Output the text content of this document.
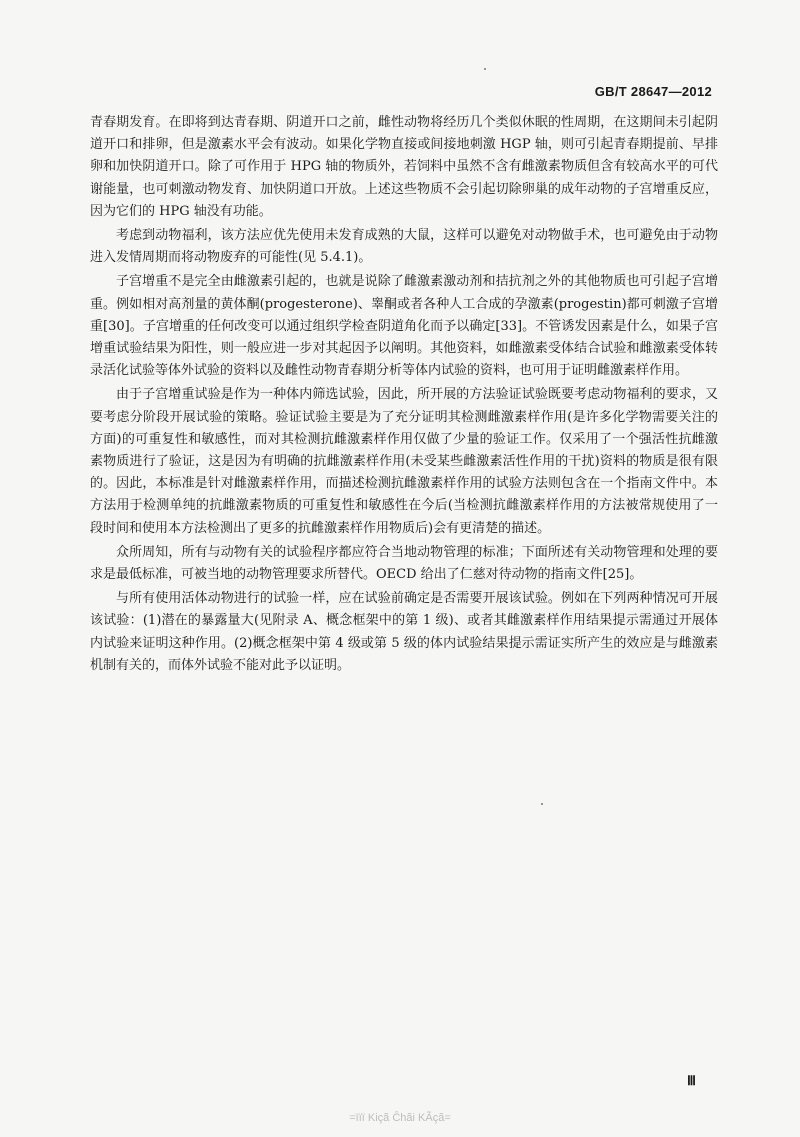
GB/T 28647—2012

青春期发育。在即将到达青春期、阴道开口之前，雌性动物将经历几个类似休眠的性周期，在这期间未引起阴道开口和排卵，但是激素水平会有波动。如果化学物直接或间接地刺激 HGP 轴，则可引起青春期提前、早排卵和加快阴道开口。除了可作用于 HPG 轴的物质外，若饲料中虽然不含有雌激素物质但含有较高水平的可代谢能量，也可刺激动物发育、加快阴道口开放。上述这些物质不会引起切除卵巢的成年动物的子宫增重反应，因为它们的 HPG 轴没有功能。

考虑到动物福利，该方法应优先使用未发育成熟的大鼠，这样可以避免对动物做手术，也可避免由于动物进入发情周期而将动物废弃的可能性(见 5.4.1)。

子宫增重不是完全由雌激素引起的，也就是说除了雌激素激动剂和拮抗剂之外的其他物质也可引起子宫增重。例如相对高剂量的黄体酮(progesterone)、睾酮或者各种人工合成的孕激素(progestin)都可刺激子宫增重[30]。子宫增重的任何改变可以通过组织学检查阴道角化而予以确定[33]。不管诱发因素是什么，如果子宫增重试验结果为阳性，则一般应进一步对其起因予以阐明。其他资料，如雌激素受体结合试验和雌激素受体转录活化试验等体外试验的资料以及雌性动物青春期分析等体内试验的资料，也可用于证明雌激素样作用。

由于子宫增重试验是作为一种体内筛选试验，因此，所开展的方法验证试验既要考虑动物福利的要求，又要考虑分阶段开展试验的策略。验证试验主要是为了充分证明其检测雌激素样作用(是许多化学物需要关注的方面)的可重复性和敏感性，而对其检测抗雌激素样作用仅做了少量的验证工作。仅采用了一个强活性抗雌激素物质进行了验证，这是因为有明确的抗雌激素样作用(未受某些雌激素活性作用的干扰)资料的物质是很有限的。因此，本标准是针对雌激素样作用，而描述检测抗雌激素样作用的试验方法则包含在一个指南文件中。本方法用于检测单纯的抗雌激素物质的可重复性和敏感性在今后(当检测抗雌激素样作用的方法被常规使用了一段时间和使用本方法检测出了更多的抗雌激素样作用物质后)会有更清楚的描述。

众所周知，所有与动物有关的试验程序都应符合当地动物管理的标准；下面所述有关动物管理和处理的要求是最低标准，可被当地的动物管理要求所替代。OECD 给出了仁慈对待动物的指南文件[25]。

与所有使用活体动物进行的试验一样，应在试验前确定是否需要开展该试验。例如在下列两种情况可开展该试验：(1)潜在的暴露量大(见附录 A、概念框架中的第 1 级)、或者其雌激素样作用结果提示需通过开展体内试验来证明这种作用。(2)概念框架中第 4 级或第 5 级的体内试验结果提示需证实所产生的效应是与雌激素机制有关的，而体外试验不能对此予以证明。

Ⅲ
=ïïï Kiçã Ĉhãi KÃçã=
